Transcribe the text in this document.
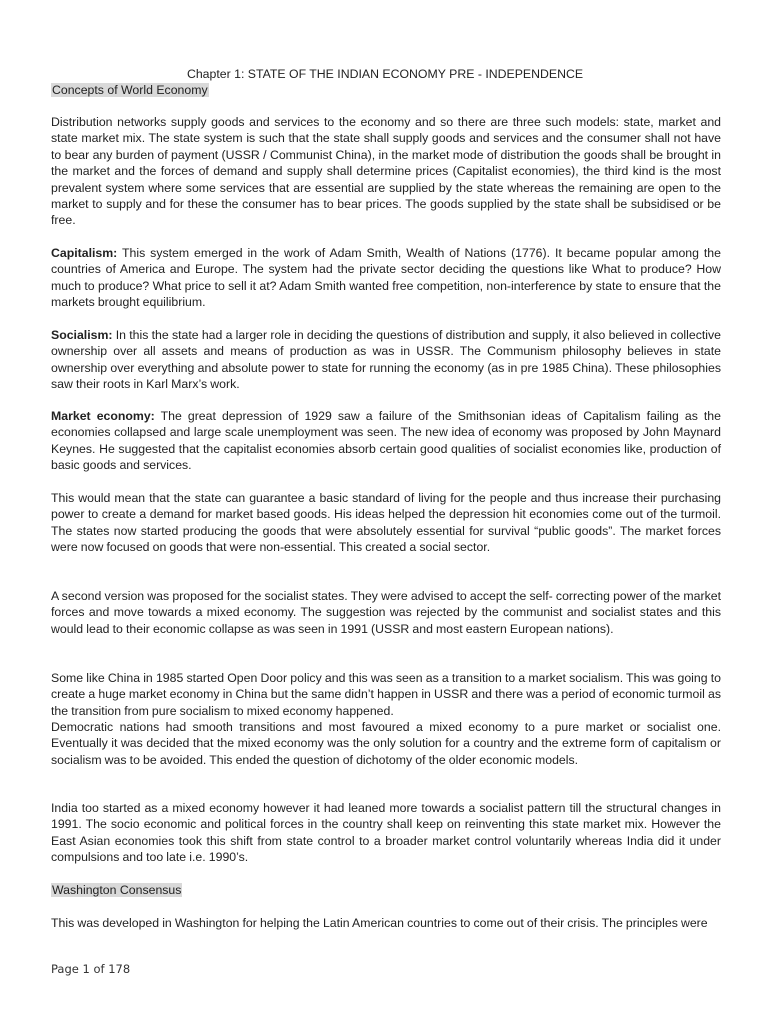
Chapter 1: STATE OF THE INDIAN ECONOMY PRE - INDEPENDENCE
Concepts of World Economy

Distribution networks supply goods and services to the economy and so there are three such models: state, market and state market mix. The state system is such that the state shall supply goods and services and the consumer shall not have to bear any burden of payment (USSR / Communist China), in the market mode of distribution the goods shall be brought in the market and the forces of demand and supply shall determine prices (Capitalist economies), the third kind is the most prevalent system where some services that are essential are supplied by the state whereas the remaining are open to the market to supply and for these the consumer has to bear prices. The goods supplied by the state shall be subsidised or be free.

Capitalism: This system emerged in the work of Adam Smith, Wealth of Nations (1776). It became popular among the countries of America and Europe. The system had the private sector deciding the questions like What to produce? How much to produce? What price to sell it at? Adam Smith wanted free competition, non-interference by state to ensure that the markets brought equilibrium.

Socialism: In this the state had a larger role in deciding the questions of distribution and supply, it also believed in collective ownership over all assets and means of production as was in USSR. The Communism philosophy believes in state ownership over everything and absolute power to state for running the economy (as in pre 1985 China). These philosophies saw their roots in Karl Marx’s work.

Market economy: The great depression of 1929 saw a failure of the Smithsonian ideas of Capitalism failing as the economies collapsed and large scale unemployment was seen. The new idea of economy was proposed by John Maynard Keynes. He suggested that the capitalist economies absorb certain good qualities of socialist economies like, production of basic goods and services.

This would mean that the state can guarantee a basic standard of living for the people and thus increase their purchasing power to create a demand for market based goods. His ideas helped the depression hit economies come out of the turmoil. The states now started producing the goods that were absolutely essential for survival “public goods”. The market forces were now focused on goods that were non-essential. This created a social sector.

A second version was proposed for the socialist states. They were advised to accept the self- correcting power of the market forces and move towards a mixed economy. The suggestion was rejected by the communist and socialist states and this would lead to their economic collapse as was seen in 1991 (USSR and most eastern European nations).

Some like China in 1985 started Open Door policy and this was seen as a transition to a market socialism. This was going to create a huge market economy in China but the same didn’t happen in USSR and there was a period of economic turmoil as the transition from pure socialism to mixed economy happened.

Democratic nations had smooth transitions and most favoured a mixed economy to a pure market or socialist one. Eventually it was decided that the mixed economy was the only solution for a country and the extreme form of capitalism or socialism was to be avoided. This ended the question of dichotomy of the older economic models.

India too started as a mixed economy however it had leaned more towards a socialist pattern till the structural changes in 1991. The socio economic and political forces in the country shall keep on reinventing this state market mix. However the East Asian economies took this shift from state control to a broader market control voluntarily whereas India did it under compulsions and too late i.e. 1990’s.

Washington Consensus

This was developed in Washington for helping the Latin American countries to come out of their crisis. The principles were

Page 1 of 178
